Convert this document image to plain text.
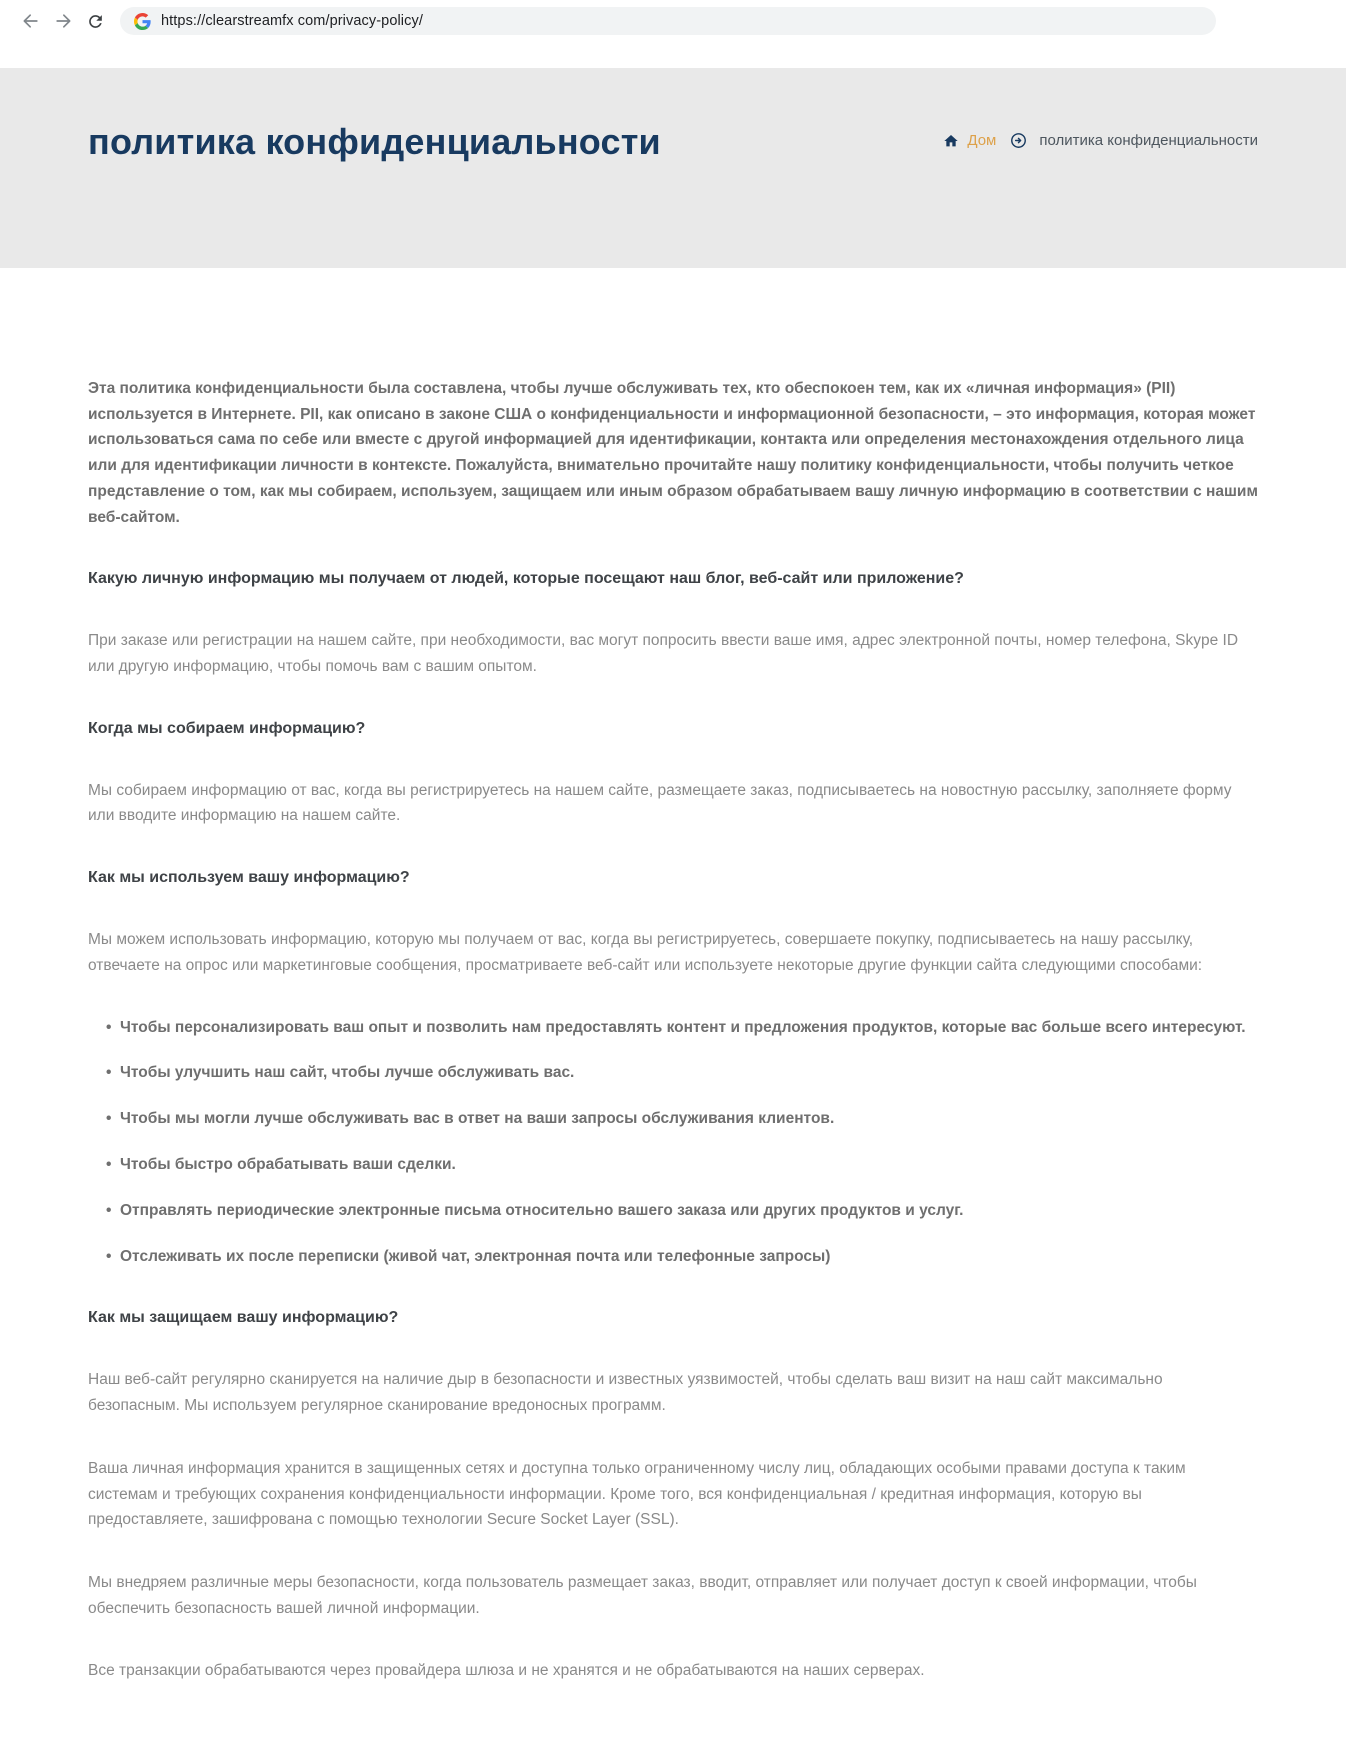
https://clearstreamfx com/privacy-policy/
политика конфиденциальности	Дом	политика конфиденциальности

Эта политика конфиденциальности была составлена, чтобы лучше обслуживать тех, кто обеспокоен тем, как их «личная информация» (PII) используется в Интернете. PII, как описано в законе США о конфиденциальности и информационной безопасности, – это информация, которая может использоваться сама по себе или вместе с другой информацией для идентификации, контакта или определения местонахождения отдельного лица или для идентификации личности в контексте. Пожалуйста, внимательно прочитайте нашу политику конфиденциальности, чтобы получить четкое представление о том, как мы собираем, используем, защищаем или иным образом обрабатываем вашу личную информацию в соответствии с нашим веб-сайтом.

Какую личную информацию мы получаем от людей, которые посещают наш блог, веб-сайт или приложение?

При заказе или регистрации на нашем сайте, при необходимости, вас могут попросить ввести ваше имя, адрес электронной почты, номер телефона, Skype ID или другую информацию, чтобы помочь вам с вашим опытом.

Когда мы собираем информацию?

Мы собираем информацию от вас, когда вы регистрируетесь на нашем сайте, размещаете заказ, подписываетесь на новостную рассылку, заполняете форму или вводите информацию на нашем сайте.

Как мы используем вашу информацию?

Мы можем использовать информацию, которую мы получаем от вас, когда вы регистрируетесь, совершаете покупку, подписываетесь на нашу рассылку, отвечаете на опрос или маркетинговые сообщения, просматриваете веб-сайт или используете некоторые другие функции сайта следующими способами:

• Чтобы персонализировать ваш опыт и позволить нам предоставлять контент и предложения продуктов, которые вас больше всего интересуют.
• Чтобы улучшить наш сайт, чтобы лучше обслуживать вас.
• Чтобы мы могли лучше обслуживать вас в ответ на ваши запросы обслуживания клиентов.
• Чтобы быстро обрабатывать ваши сделки.
• Отправлять периодические электронные письма относительно вашего заказа или других продуктов и услуг.
• Отслеживать их после переписки (живой чат, электронная почта или телефонные запросы)
Как мы защищаем вашу информацию?

Наш веб-сайт регулярно сканируется на наличие дыр в безопасности и известных уязвимостей, чтобы сделать ваш визит на наш сайт максимально безопасным. Мы используем регулярное сканирование вредоносных программ.

Ваша личная информация хранится в защищенных сетях и доступна только ограниченному числу лиц, обладающих особыми правами доступа к таким системам и требующих сохранения конфиденциальности информации. Кроме того, вся конфиденциальная / кредитная информация, которую вы предоставляете, зашифрована с помощью технологии Secure Socket Layer (SSL).

Мы внедряем различные меры безопасности, когда пользователь размещает заказ, вводит, отправляет или получает доступ к своей информации, чтобы обеспечить безопасность вашей личной информации.

Все транзакции обрабатываются через провайдера шлюза и не хранятся и не обрабатываются на наших серверах.
